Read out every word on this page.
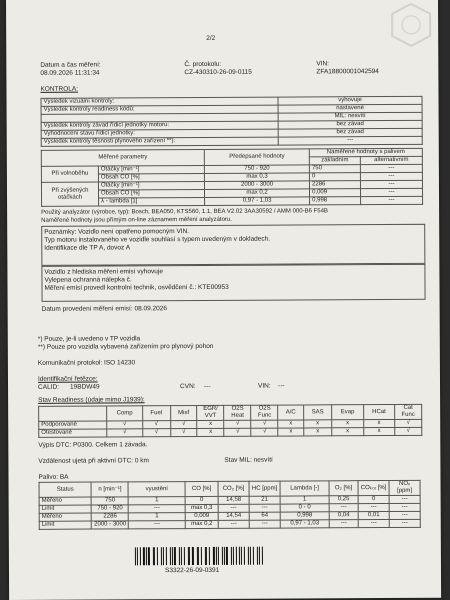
2/2
Datum a čas měření:
08.09.2026 11:31:34
Č. protokolu:
CZ-430310-26-09-0115
VIN:
ZFA18800001042594
KONTROLA:
Výsledek vizuální kontroly:	vyhovuje
Výsledek kontroly readiness kódů:	nastavené
	MIL: nesvítí
Výsledek kontroly závad řídicí jednotky motoru:	bez závad
Vyhodnocení stavu řídicí jednotky:	bez závad
Výsledek kontroly těsnosti plynového zařízení **):	---
Měřené parametry		Předepsané hodnoty	Naměřené hodnoty s palivem	
			základním	alternativním
Při volnoběhu	Otáčky [min⁻¹]	750 - 920	750	---
	Obsah CO [%]	max 0,3	0	---
Při zvýšených otáčkách	Otáčky [min⁻¹]	2000 - 3000	2286	---
	Obsah CO [%]	max 0,2	0,009	---
	λ - lambda [1]	0,97 - 1,03	0,998	---
Použitý analyzátor (výrobce, typ): Bosch, BEA050, KTS560, 1.1, BEA V2.02 3AA30592 / AMM 000-B6 F54B
Naměřené hodnoty jsou přímým on-line záznamem měření analyzátoru.
Poznámky: Vozidlo není opatřeno pomocným VIN.
Typ motoru instalovaného ve vozidle souhlasí s typem uvedeným v dokladech.
Identifikace dle TP A, dovoz A
Vozidlo z hlediska měření emisí vyhovuje
Vylepena ochranná nálepka č.
Měření emisí provedl kontrolní technik, osvědčení č.: KTE00953
Datum provedení měření emisí: 08.09.2026
*) Pouze, je-li uvedeno v TP vozidla
**) Pouze pro vozidla vybavená zařízením pro plynový pohon
Komunikační protokol: ISO 14230
Identifikační řetězce:
CALID: 19BDW49	CVN: ---	VIN: ---
Stav Readiness (údaje mimo J1939):
	Comp	Fuel	Misf	EGR/ VVT	O2S Heat	O2S Func	A/C	SAS	Evap	HCat	Cat Func
Podporované	√	√	√	x	√	√	x	x	x	x	√
Otestované	√	√	√	x	√	√	x	x	x	x	√
Výpis DTC: P0300. Celkem 1 závada.
Vzdálenost ujetá při aktivní DTC: 0 km	Stav MIL: nesvítí
Palivo: BA
Status	n [min⁻¹]	vyustění	CO [%]	CO₂ [%]	HC [ppm]	Lambda [-]	O₂ [%]	COₖₒᵣ [%]	NOₓ [ppm]
Měřeno	750	1	0	14,58	21	1	0,25	0	---
Limit	750 - 920	---	max 0,3	---	---	0 - 0	---	---	---
Měřeno	2286	1	0,009	14,54	64	0,998	0,04	0,01	---
Limit	2000 - 3000	---	max 0,2	---	---	0,97 - 1,03	---	---	---
S3322-26-09-0391
